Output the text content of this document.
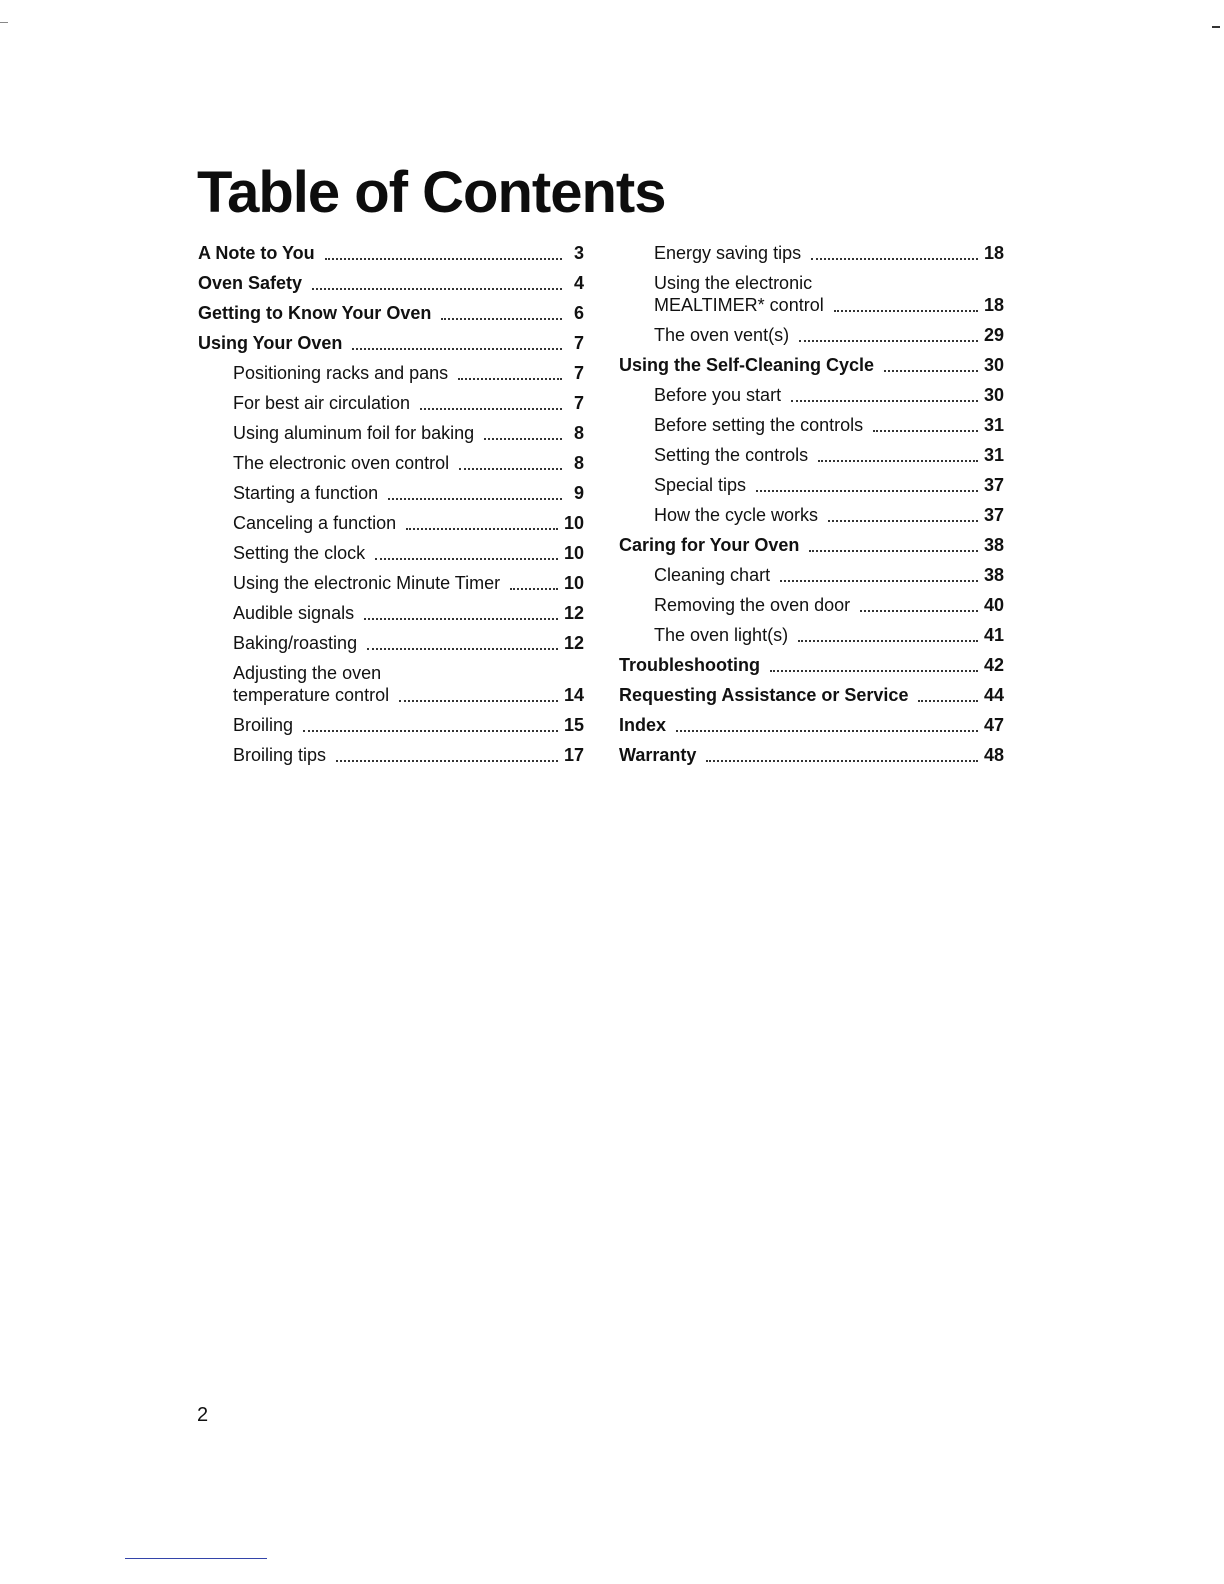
Table of Contents
A Note to You	3
Oven Safety	4
Getting to Know Your Oven	6
Using Your Oven	7
Positioning racks and pans	7
For best air circulation	7
Using aluminum foil for baking	8
The electronic oven control	8
Starting a function	9
Canceling a function	10
Setting the clock	10
Using the electronic Minute Timer	10
Audible signals	12
Baking/roasting	12
Adjusting the oven
temperature control	14
Broiling	15
Broiling tips	17
Energy saving tips	18
Using the electronic
MEALTIMER* control	18
The oven vent(s)	29
Using the Self-Cleaning Cycle	30
Before you start	30
Before setting the controls	31
Setting the controls	31
Special tips	37
How the cycle works	37
Caring for Your Oven	38
Cleaning chart	38
Removing the oven door	40
The oven light(s)	41
Troubleshooting	42
Requesting Assistance or Service	44
Index	47
Warranty	48
2
